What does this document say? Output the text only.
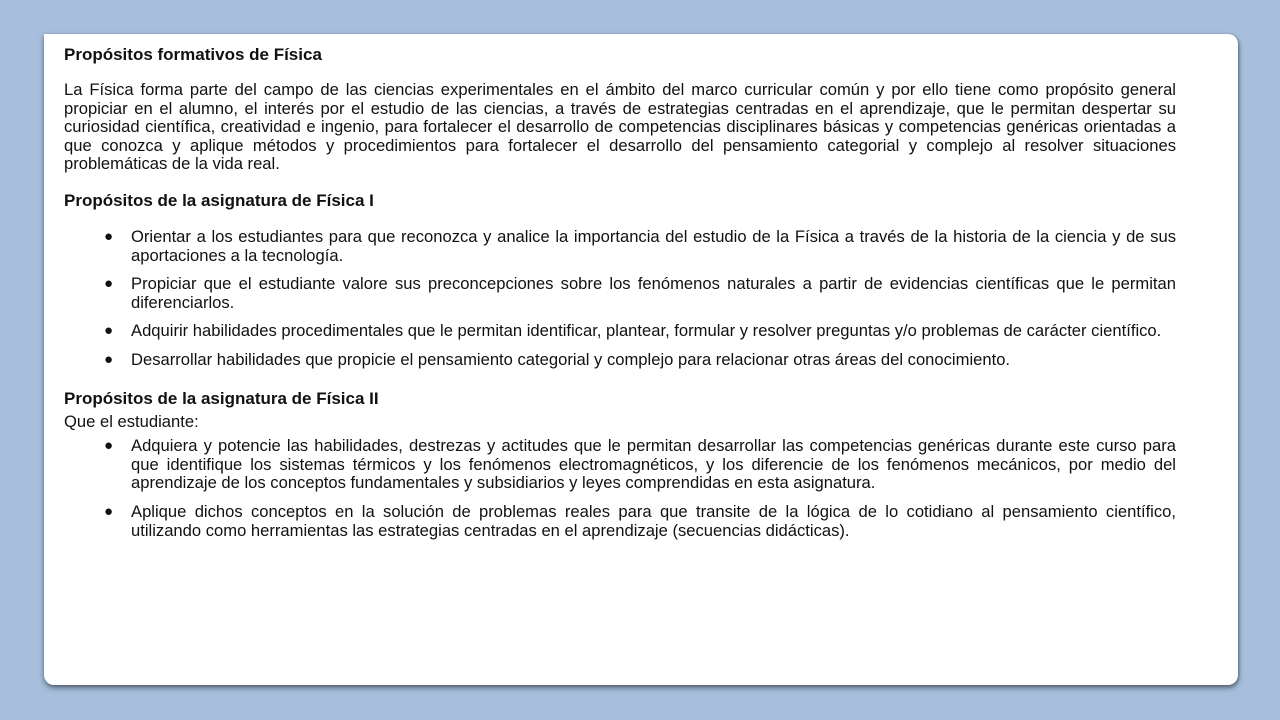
Propósitos formativos de Física

La Física forma parte del campo de las ciencias experimentales en el ámbito del marco curricular común y por ello tiene como propósito general propiciar en el alumno, el interés por el estudio de las ciencias, a través de estrategias centradas en el aprendizaje, que le permitan despertar su curiosidad científica, creatividad e ingenio, para fortalecer el desarrollo de competencias disciplinares básicas y competencias genéricas orientadas a que conozca y aplique métodos y procedimientos para fortalecer el desarrollo del pensamiento categorial y complejo al resolver situaciones problemáticas de la vida real.

Propósitos de la asignatura de Física I
● Orientar a los estudiantes para que reconozca y analice la importancia del estudio de la Física a través de la historia de la ciencia y de sus aportaciones a la tecnología.
● Propiciar que el estudiante valore sus preconcepciones sobre los fenómenos naturales a partir de evidencias científicas que le permitan diferenciarlos.
● Adquirir habilidades procedimentales que le permitan identificar, plantear, formular y resolver preguntas y/o problemas de carácter científico.
● Desarrollar habilidades que propicie el pensamiento categorial y complejo para relacionar otras áreas del conocimiento.
Propósitos de la asignatura de Física II

Que el estudiante:

● Adquiera y potencie las habilidades, destrezas y actitudes que le permitan desarrollar las competencias genéricas durante este curso para que identifique los sistemas térmicos y los fenómenos electromagnéticos, y los diferencie de los fenómenos mecánicos, por medio del aprendizaje de los conceptos fundamentales y subsidiarios y leyes comprendidas en esta asignatura.
● Aplique dichos conceptos en la solución de problemas reales para que transite de la lógica de lo cotidiano al pensamiento científico, utilizando como herramientas las estrategias centradas en el aprendizaje (secuencias didácticas).
